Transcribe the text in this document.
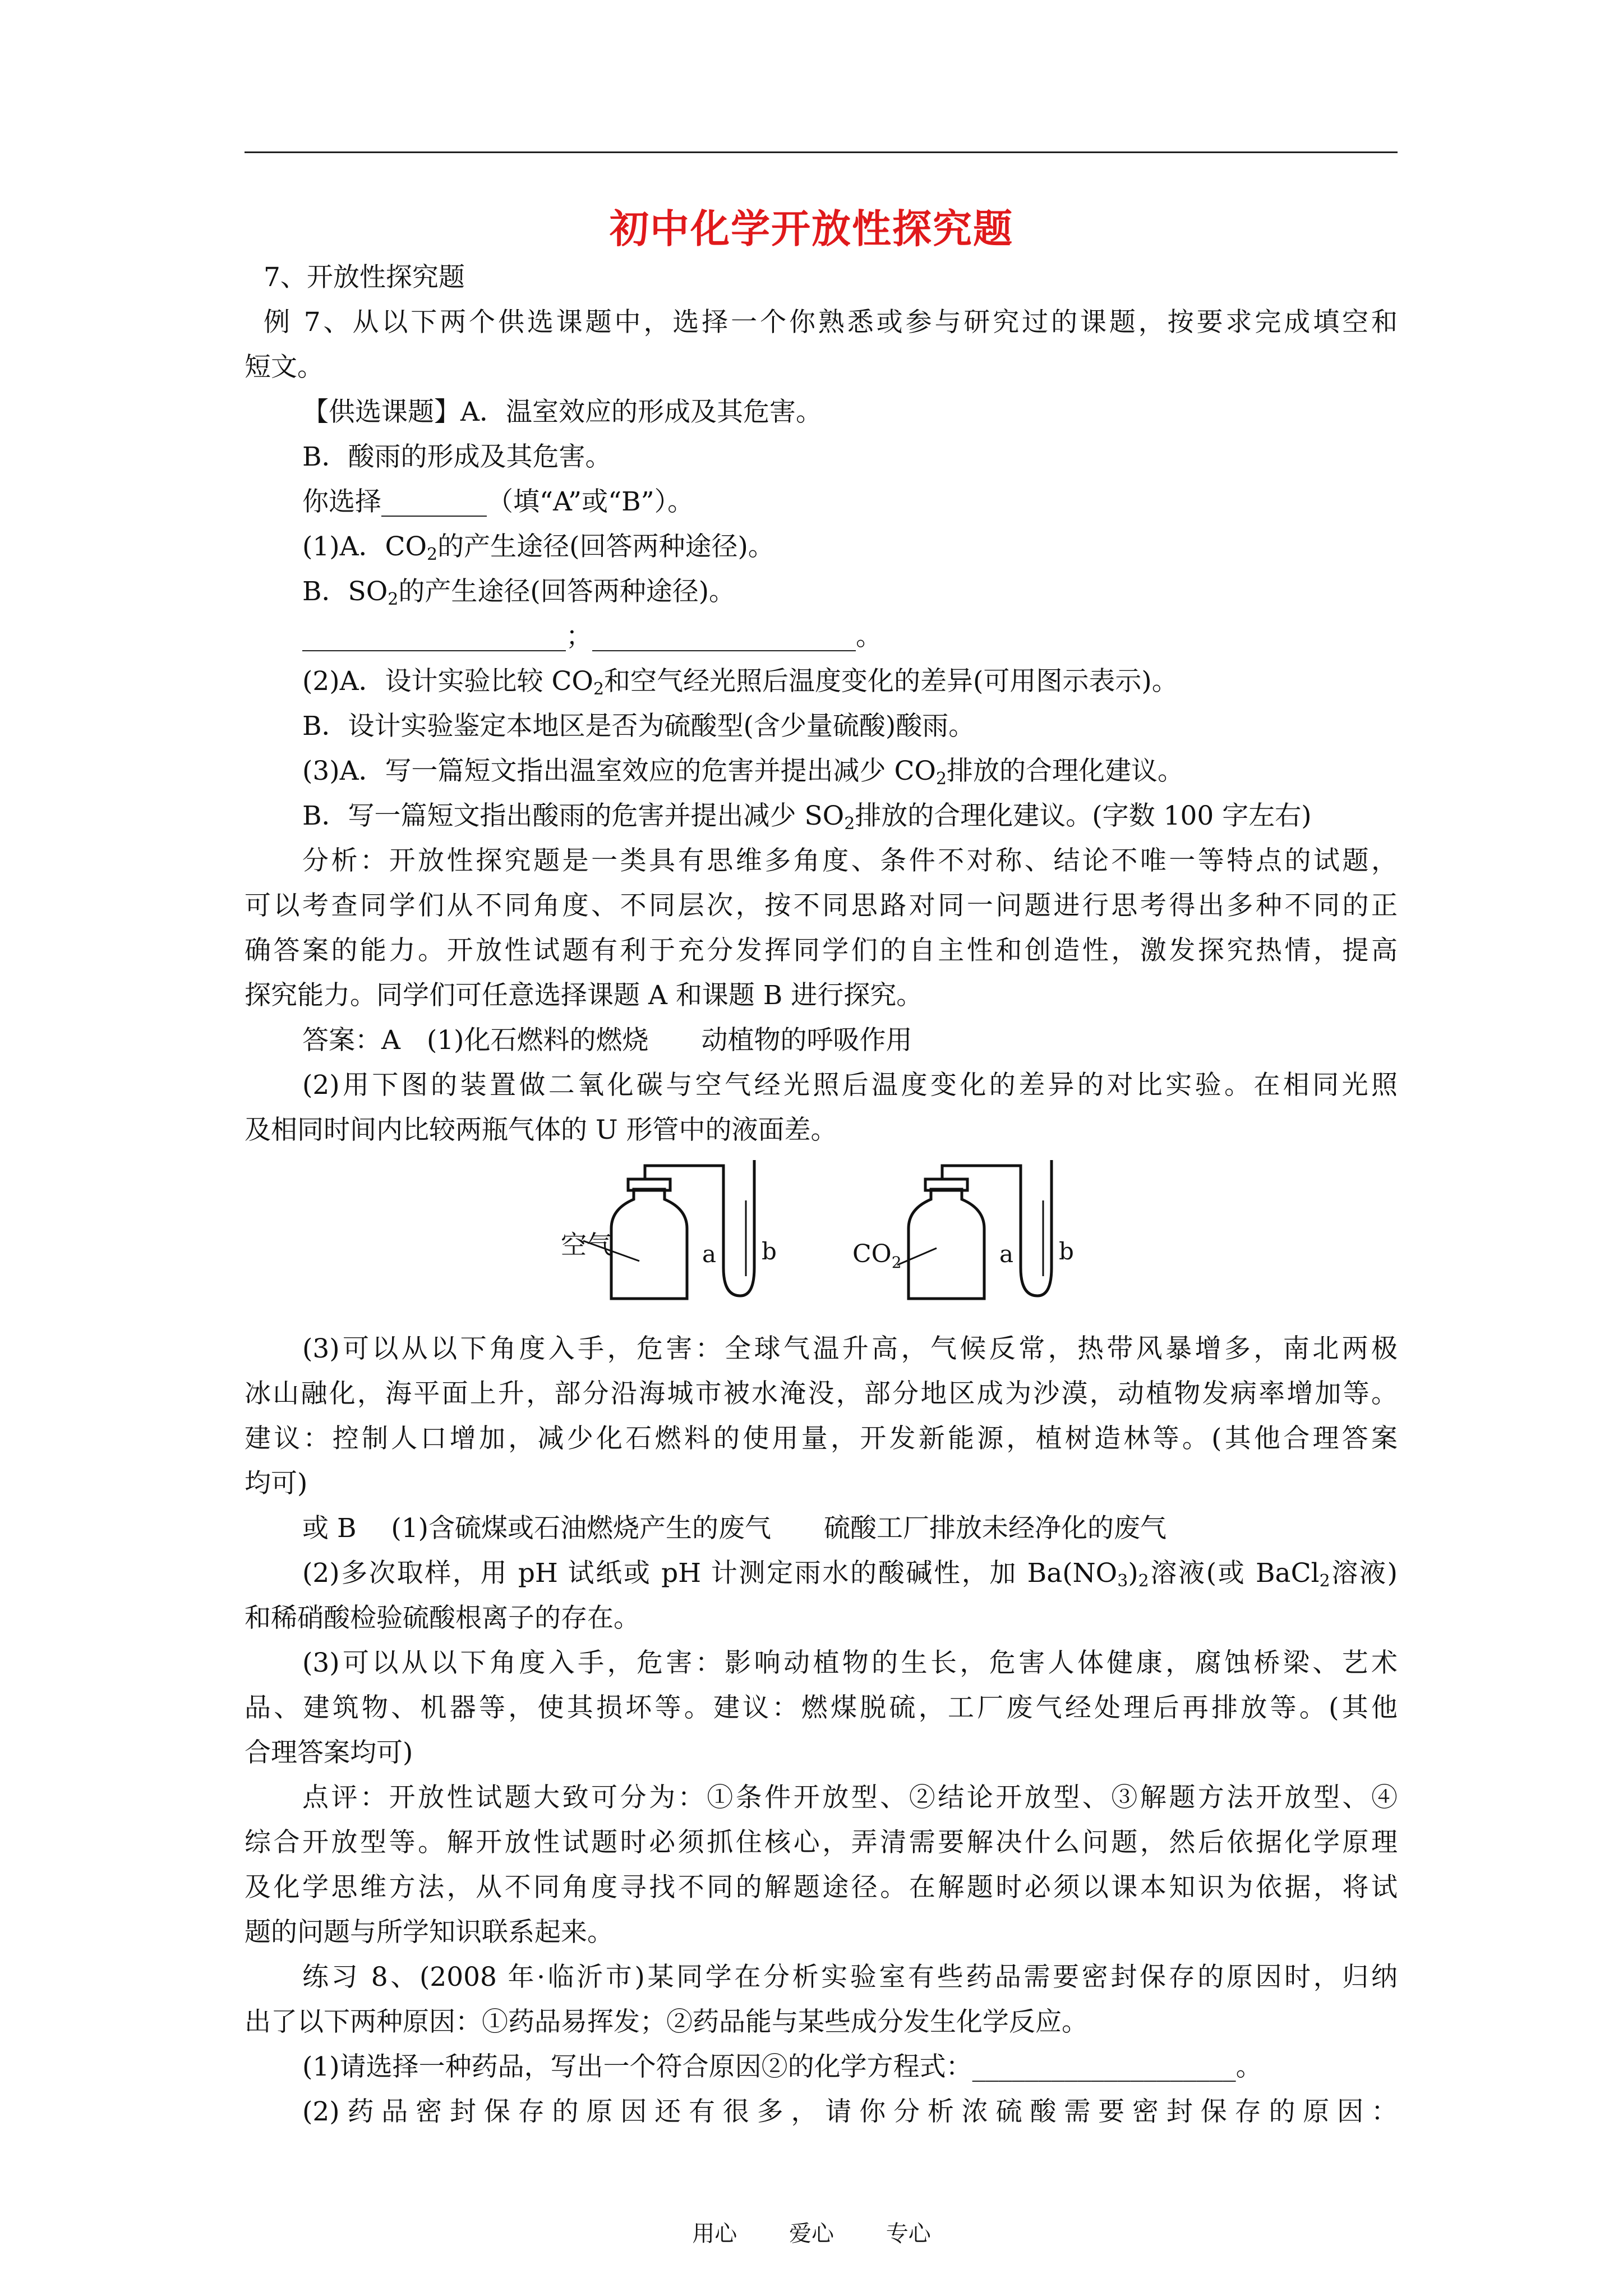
初中化学开放性探究题
7、开放性探究题
例 7、从以下两个供选课题中，选择一个你熟悉或参与研究过的课题，按要求完成填空和
短文。
【供选课题】A．温室效应的形成及其危害。
B．酸雨的形成及其危害。
你选择________（填“A”或“B”）。
(1)A．$CO_2$的产生途径(回答两种途径)。
B．$SO_2$的产生途径(回答两种途径)。
____________________；____________________。
(2)A．设计实验比较 $CO_2$和空气经光照后温度变化的差异(可用图示表示)。
B．设计实验鉴定本地区是否为硫酸型(含少量硫酸)酸雨。
(3)A．写一篇短文指出温室效应的危害并提出减少 $CO_2$排放的合理化建议。
B．写一篇短文指出酸雨的危害并提出减少 $SO_2$排放的合理化建议。(字数 100 字左右)
分析：开放性探究题是一类具有思维多角度、条件不对称、结论不唯一等特点的试题，
可以考查同学们从不同角度、不同层次，按不同思路对同一问题进行思考得出多种不同的正
确答案的能力。开放性试题有利于充分发挥同学们的自主性和创造性，激发探究热情，提高
探究能力。同学们可任意选择课题 A 和课题 B 进行探究。
答案：A　(1)化石燃料的燃烧　　动植物的呼吸作用
(2)用下图的装置做二氧化碳与空气经光照后温度变化的差异的对比实验。在相同光照
及相同时间内比较两瓶气体的 U 形管中的液面差。
(3)可以从以下角度入手，危害：全球气温升高，气候反常，热带风暴增多，南北两极
冰山融化，海平面上升，部分沿海城市被水淹没，部分地区成为沙漠，动植物发病率增加等。
建议：控制人口增加，减少化石燃料的使用量，开发新能源，植树造林等。(其他合理答案
均可)
或 B　 (1)含硫煤或石油燃烧产生的废气　　硫酸工厂排放未经净化的废气
(2)多次取样，用 pH 试纸或 pH 计测定雨水的酸碱性，加 $Ba(NO_3)_2$溶液(或 BaCl$_2$溶液)
和稀硝酸检验硫酸根离子的存在。
(3)可以从以下角度入手，危害：影响动植物的生长，危害人体健康，腐蚀桥梁、艺术
品、建筑物、机器等，使其损坏等。建议：燃煤脱硫，工厂废气经处理后再排放等。(其他
合理答案均可)
点评：开放性试题大致可分为：①条件开放型、②结论开放型、③解题方法开放型、④
综合开放型等。解开放性试题时必须抓住核心，弄清需要解决什么问题，然后依据化学原理
及化学思维方法，从不同角度寻找不同的解题途径。在解题时必须以课本知识为依据，将试
题的问题与所学知识联系起来。
练习 8、(2008 年·临沂市)某同学在分析实验室有些药品需要密封保存的原因时，归纳
出了以下两种原因：①药品易挥发；②药品能与某些成分发生化学反应。
(1)请选择一种药品，写出一个符合原因②的化学方程式：____________________。
(2)药品密封保存的原因还有很多，请你分析浓硫酸需要密封保存的原因：
空气	a b	$CO_2$	a b
用心 爱心 专心
